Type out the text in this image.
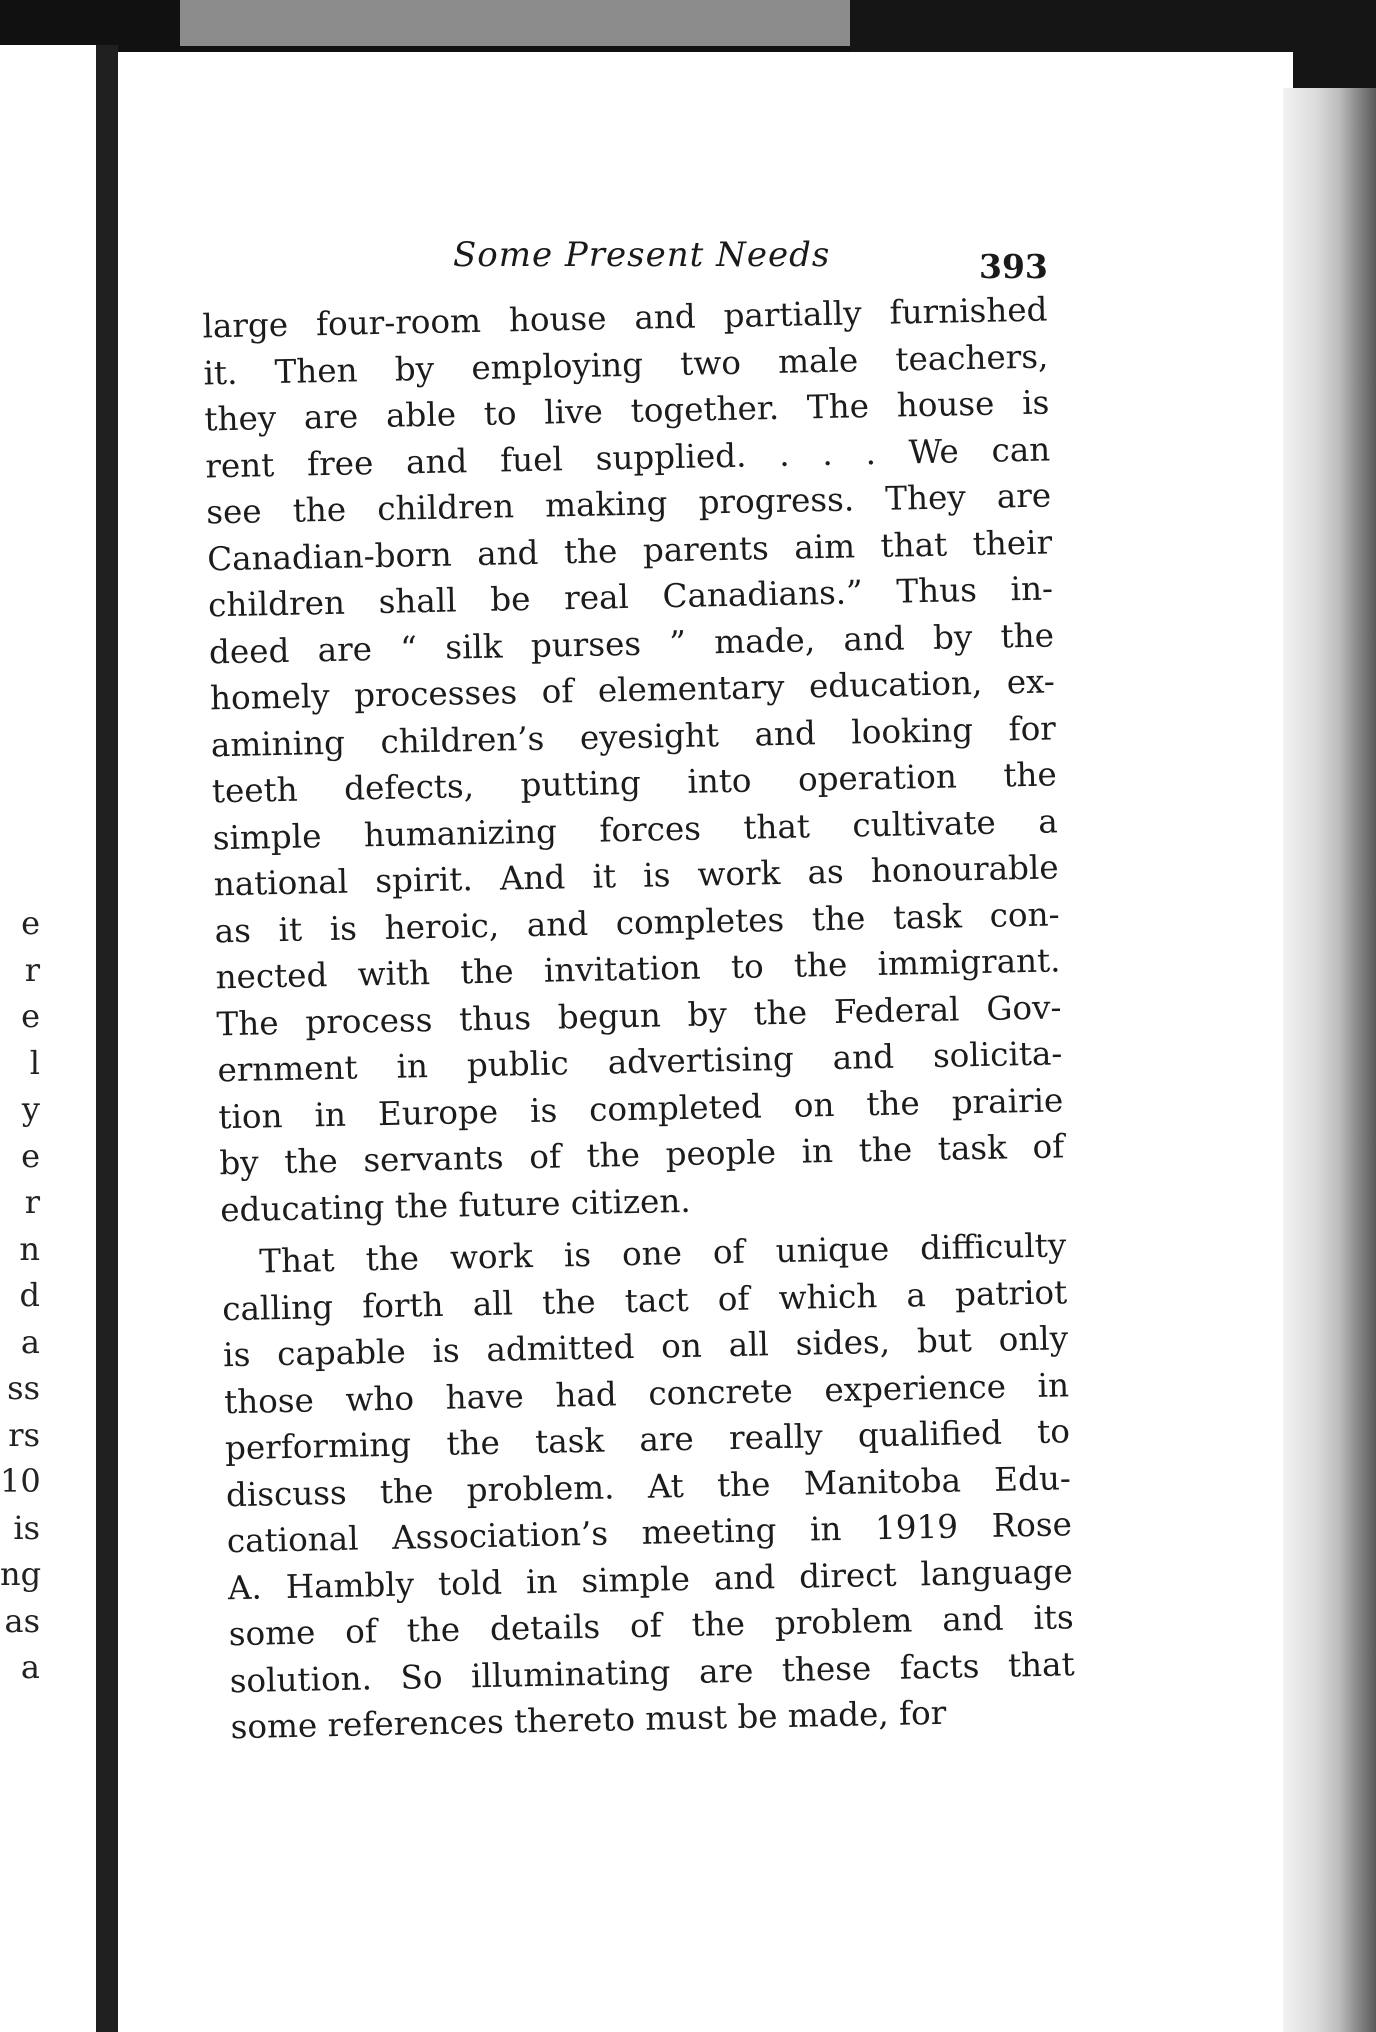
e
r
e
l
y
e
r
n
d
a
ss
rs
10
is
ng
as
a
Some Present Needs	393
large four-room house and partially furnished
it. Then by employing two male teachers,
they are able to live together. The house is
rent free and fuel supplied. . . . We can
see the children making progress. They are
Canadian-born and the parents aim that their
children shall be real Canadians.” Thus in-
deed are “ silk purses ” made, and by the
homely processes of elementary education, ex-
amining children’s eyesight and looking for
teeth defects, putting into operation the
simple humanizing forces that cultivate a
national spirit. And it is work as honourable
as it is heroic, and completes the task con-
nected with the invitation to the immigrant.
The process thus begun by the Federal Gov-
ernment in public advertising and solicita-
tion in Europe is completed on the prairie
by the servants of the people in the task of
educating the future citizen.
That the work is one of unique difficulty
calling forth all the tact of which a patriot
is capable is admitted on all sides, but only
those who have had concrete experience in
performing the task are really qualified to
discuss the problem. At the Manitoba Edu-
cational Association’s meeting in 1919 Rose
A. Hambly told in simple and direct language
some of the details of the problem and its
solution. So illuminating are these facts that
some references thereto must be made, for
